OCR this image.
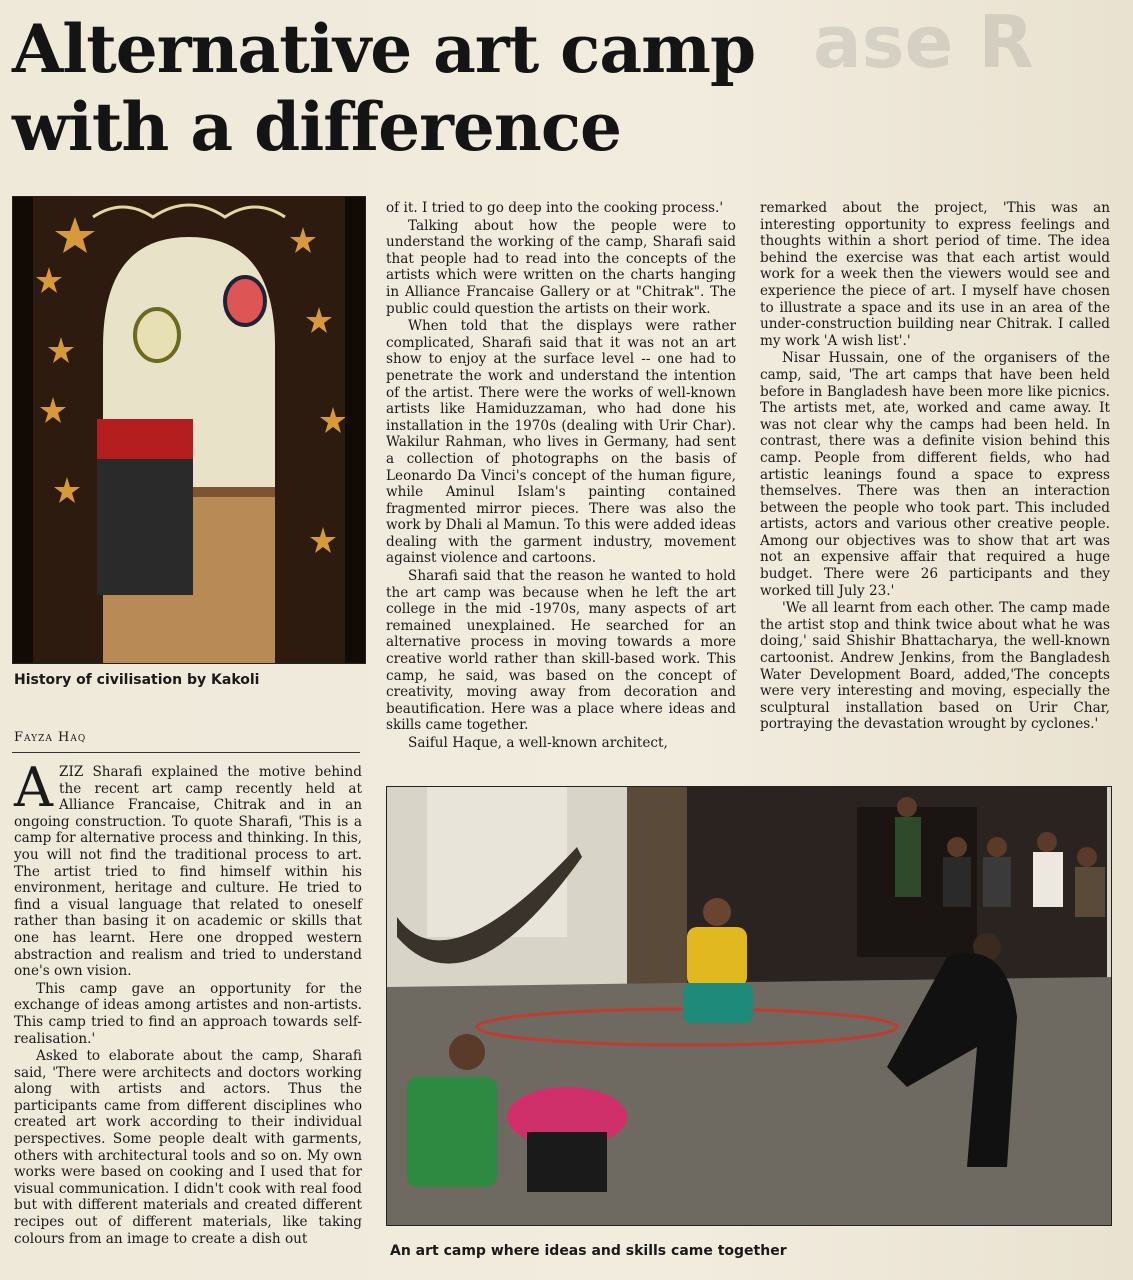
ase R
Alternative art camp with a difference
History of civilisation by Kakoli
Fayza Haq

AZIZ Sharafi explained the motive behind the recent art camp recently held at Alliance Francaise, Chitrak and in an ongoing construction. To quote Sharafi, 'This is a camp for alternative process and thinking. In this, you will not find the traditional process to art. The artist tried to find himself within his environment, heritage and culture. He tried to find a visual language that related to oneself rather than basing it on academic or skills that one has learnt. Here one dropped western abstraction and realism and tried to understand one's own vision.

This camp gave an opportunity for the exchange of ideas among artistes and non-artists. This camp tried to find an approach towards self-realisation.'

Asked to elaborate about the camp, Sharafi said, 'There were architects and doctors working along with artists and actors. Thus the participants came from different disciplines who created art work according to their individual perspectives. Some people dealt with garments, others with architectural tools and so on. My own works were based on cooking and I used that for visual communication. I didn't cook with real food but with different materials and created different recipes out of different materials, like taking colours from an image to create a dish out

of it. I tried to go deep into the cooking process.'

Talking about how the people were to understand the working of the camp, Sharafi said that people had to read into the concepts of the artists which were written on the charts hanging in Alliance Francaise Gallery or at "Chitrak". The public could question the artists on their work.

When told that the displays were rather complicated, Sharafi said that it was not an art show to enjoy at the surface level -- one had to penetrate the work and understand the intention of the artist. There were the works of well-known artists like Hamiduzzaman, who had done his installation in the 1970s (dealing with Urir Char). Wakilur Rahman, who lives in Germany, had sent a collection of photographs on the basis of Leonardo Da Vinci's concept of the human figure, while Aminul Islam's painting contained fragmented mirror pieces. There was also the work by Dhali al Mamun. To this were added ideas dealing with the garment industry, movement against violence and cartoons.

Sharafi said that the reason he wanted to hold the art camp was because when he left the art college in the mid -1970s, many aspects of art remained unexplained. He searched for an alternative process in moving towards a more creative world rather than skill-based work. This camp, he said, was based on the concept of creativity, moving away from decoration and beautification. Here was a place where ideas and skills came together.

Saiful Haque, a well-known architect,

remarked about the project, 'This was an interesting opportunity to express feelings and thoughts within a short period of time. The idea behind the exercise was that each artist would work for a week then the viewers would see and experience the piece of art. I myself have chosen to illustrate a space and its use in an area of the under-construction building near Chitrak. I called my work 'A wish list'.'

Nisar Hussain, one of the organisers of the camp, said, 'The art camps that have been held before in Bangladesh have been more like picnics. The artists met, ate, worked and came away. It was not clear why the camps had been held. In contrast, there was a definite vision behind this camp. People from different fields, who had artistic leanings found a space to express themselves. There was then an interaction between the people who took part. This included artists, actors and various other creative people. Among our objectives was to show that art was not an expensive affair that required a huge budget. There were 26 participants and they worked till July 23.'

'We all learnt from each other. The camp made the artist stop and think twice about what he was doing,' said Shishir Bhattacharya, the well-known cartoonist. Andrew Jenkins, from the Bangladesh Water Development Board, added,'The concepts were very interesting and moving, especially the sculptural installation based on Urir Char, portraying the devastation wrought by cyclones.'

An art camp where ideas and skills came together
